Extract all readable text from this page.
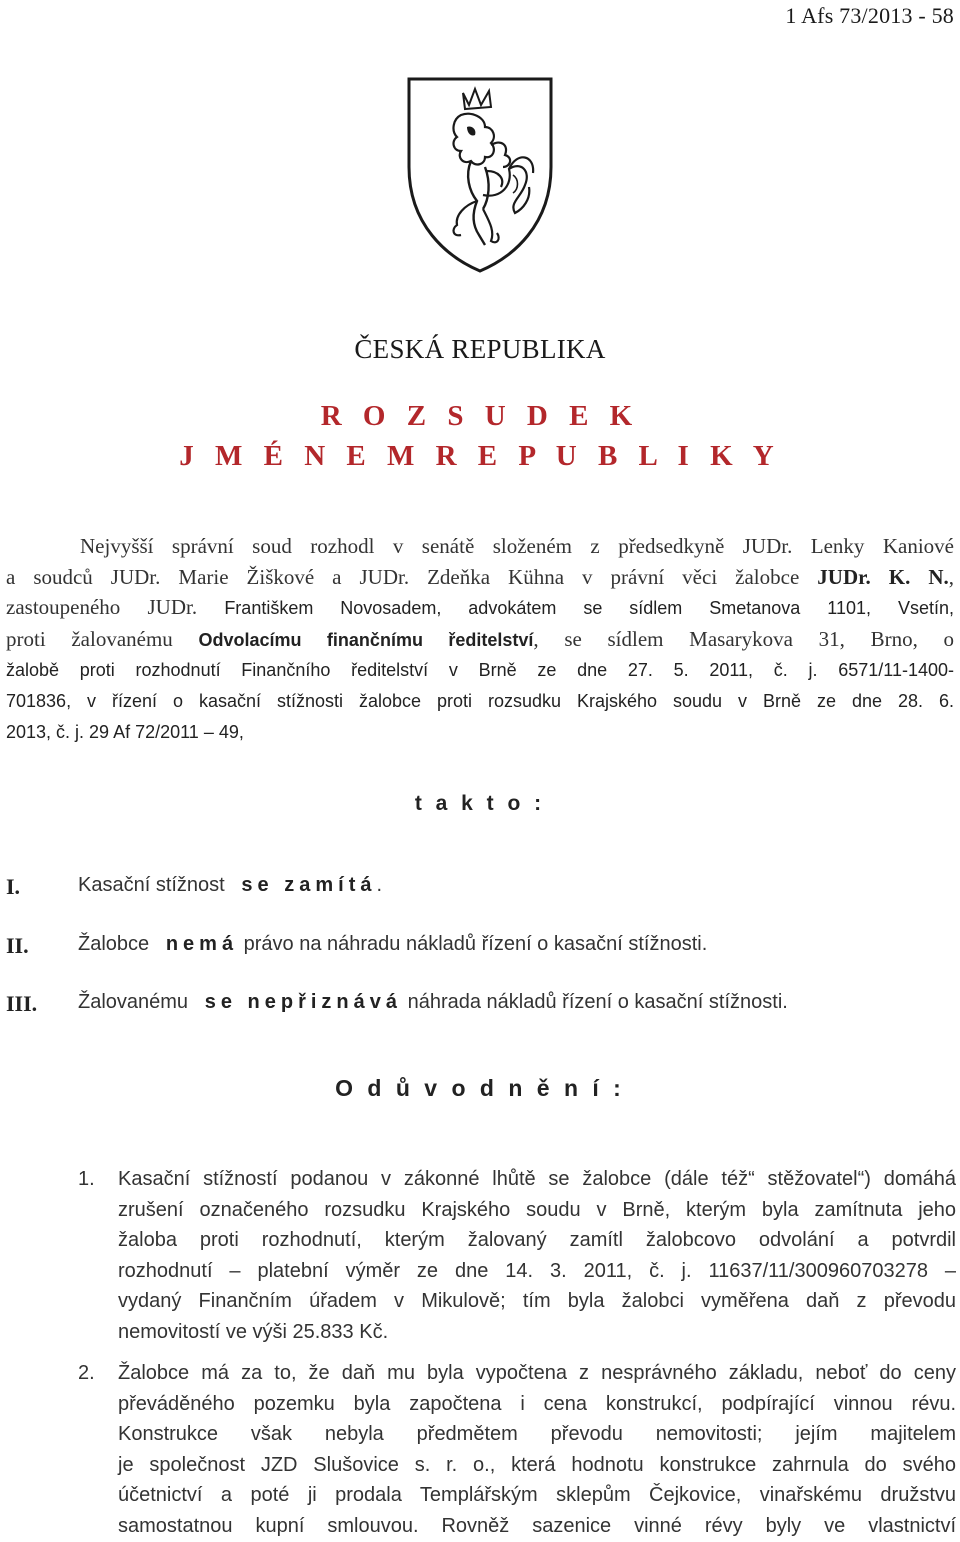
1 Afs 73/2013 - 58
ČESKÁ REPUBLIKA
R O Z S U D E K
J M É N E M R E P U B L I K Y
Nejvyšší správní soud rozhodl v senátě složeném z předsedkyně JUDr. Lenky Kaniové
a soudců JUDr. Marie Žiškové a JUDr. Zdeňka Kühna v právní věci žalobce JUDr. K. N.,
zastoupeného JUDr. Františkem Novosadem, advokátem se sídlem Smetanova 1101, Vsetín,
proti žalovanému Odvolacímu finančnímu ředitelství, se sídlem Masarykova 31, Brno, o
žalobě proti rozhodnutí Finančního ředitelství v Brně ze dne 27. 5. 2011, č. j. 6571/11-1400-
701836, v řízení o kasační stížnosti žalobce proti rozsudku Krajského soudu v Brně ze dne 28. 6.
2013, č. j. 29 Af 72/2011 – 49,
t a k t o :
I.	Kasační stížnost se zamítá.
II. Žalobce nemá právo na náhradu nákladů řízení o kasační stížnosti.
III. Žalovanému se nepřiznává náhrada nákladů řízení o kasační stížnosti.
O d ů v o d n ě n í :
1. Kasační stížností podanou v zákonné lhůtě se žalobce (dále též“ stěžovatel“) domáhá
zrušení označeného rozsudku Krajského soudu v Brně, kterým byla zamítnuta jeho
žaloba proti rozhodnutí, kterým žalovaný zamítl žalobcovo odvolání a potvrdil
rozhodnutí – platební výměr ze dne 14. 3. 2011, č. j. 11637/11/300960703278 –
vydaný Finančním úřadem v Mikulově; tím byla žalobci vyměřena daň z převodu
nemovitostí ve výši 25.833 Kč.
2. Žalobce má za to, že daň mu byla vypočtena z nesprávného základu, neboť do ceny
převáděného pozemku byla započtena i cena konstrukcí, podpírající vinnou révu.
Konstrukce však nebyla předmětem převodu nemovitosti; jejím majitelem
je společnost JZD Slušovice s. r. o., která hodnotu konstrukce zahrnula do svého
účetnictví a poté ji prodala Templářským sklepům Čejkovice, vinařskému družstvu
samostatnou kupní smlouvou. Rovněž sazenice vinné révy byly ve vlastnictví
